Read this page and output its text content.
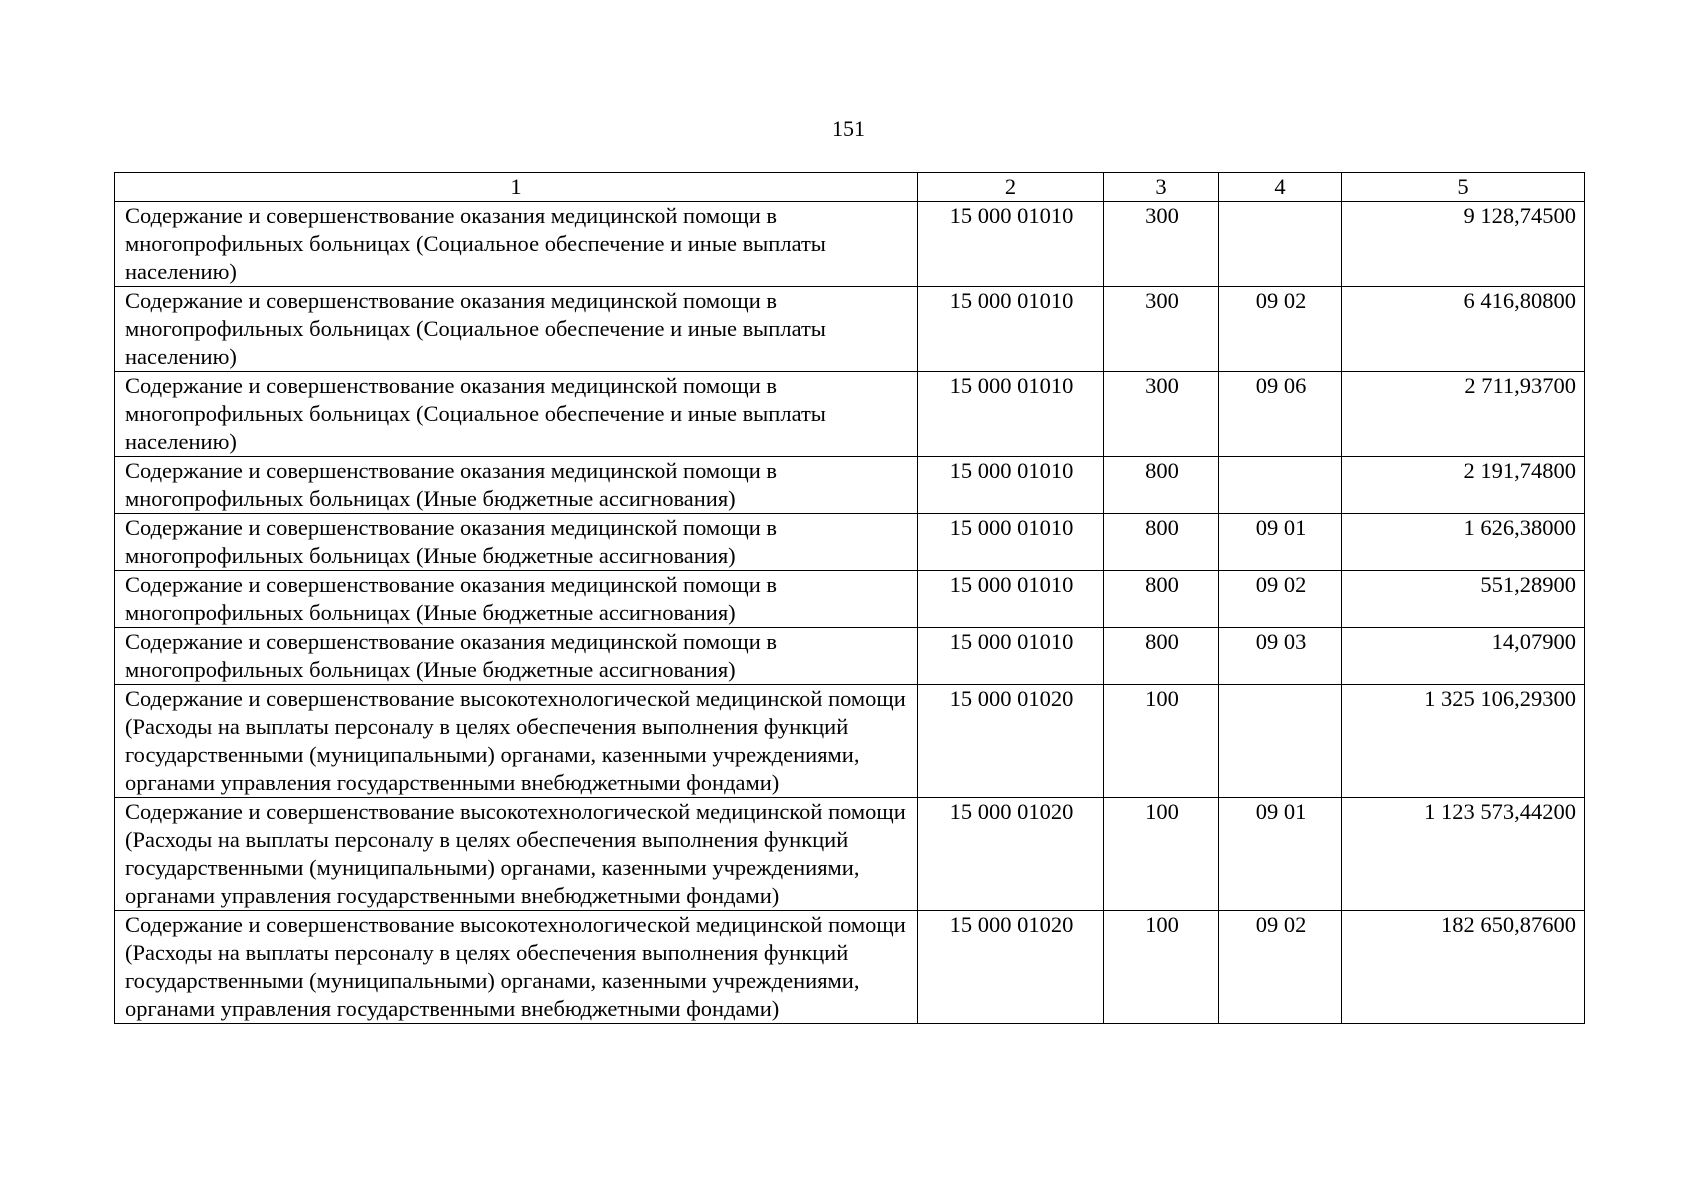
151
1	2	3	4	5
Содержание и совершенствование оказания медицинской помощи в многопрофильных больницах (Социальное обеспечение и иные выплаты населению)	15 000 01010	300		9 128,74500
Содержание и совершенствование оказания медицинской помощи в многопрофильных больницах (Социальное обеспечение и иные выплаты населению)	15 000 01010	300	09 02	6 416,80800
Содержание и совершенствование оказания медицинской помощи в многопрофильных больницах (Социальное обеспечение и иные выплаты населению)	15 000 01010	300	09 06	2 711,93700
Содержание и совершенствование оказания медицинской помощи в многопрофильных больницах (Иные бюджетные ассигнования)	15 000 01010	800		2 191,74800
Содержание и совершенствование оказания медицинской помощи в многопрофильных больницах (Иные бюджетные ассигнования)	15 000 01010	800	09 01	1 626,38000
Содержание и совершенствование оказания медицинской помощи в многопрофильных больницах (Иные бюджетные ассигнования)	15 000 01010	800	09 02	551,28900
Содержание и совершенствование оказания медицинской помощи в многопрофильных больницах (Иные бюджетные ассигнования)	15 000 01010	800	09 03	14,07900
Содержание и совершенствование высокотехнологической медицинской помощи (Расходы на выплаты персоналу в целях обеспечения выполнения функций государственными (муниципальными) органами, казенными учреждениями, органами управления государственными внебюджетными фондами)	15 000 01020	100		1 325 106,29300
Содержание и совершенствование высокотехнологической медицинской помощи (Расходы на выплаты персоналу в целях обеспечения выполнения функций государственными (муниципальными) органами, казенными учреждениями, органами управления государственными внебюджетными фондами)	15 000 01020	100	09 01	1 123 573,44200
Содержание и совершенствование высокотехнологической медицинской помощи (Расходы на выплаты персоналу в целях обеспечения выполнения функций государственными (муниципальными) органами, казенными учреждениями, органами управления государственными внебюджетными фондами)	15 000 01020	100	09 02	182 650,87600
